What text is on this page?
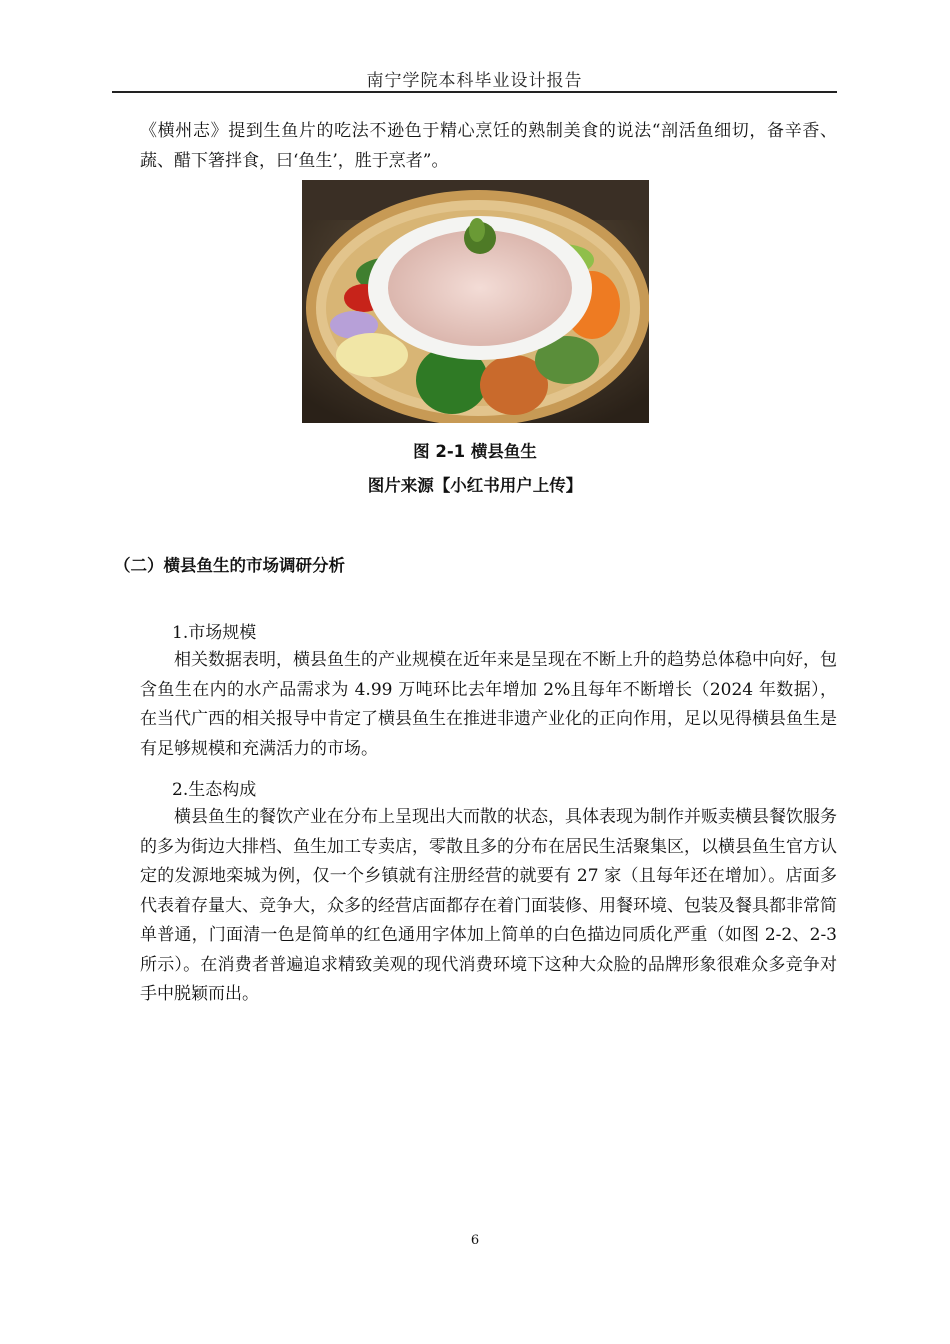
南宁学院本科毕业设计报告

《横州志》提到生鱼片的吃法不逊色于精心烹饪的熟制美食的说法“剖活鱼细切，备辛香、蔬、醋下箸拌食，曰‘鱼生’，胜于烹者”。

图 2-1 横县鱼生
图片来源【小红书用户上传】
（二）横县鱼生的市场调研分析
1.市场规模

相关数据表明，横县鱼生的产业规模在近年来是呈现在不断上升的趋势总体稳中向好，包含鱼生在内的水产品需求为 4.99 万吨环比去年增加 2%且每年不断增长（2024 年数据），在当代广西的相关报导中肯定了横县鱼生在推进非遗产业化的正向作用，足以见得横县鱼生是有足够规模和充满活力的市场。

2.生态构成

横县鱼生的餐饮产业在分布上呈现出大而散的状态，具体表现为制作并贩卖横县餐饮服务的多为街边大排档、鱼生加工专卖店，零散且多的分布在居民生活聚集区，以横县鱼生官方认定的发源地栾城为例，仅一个乡镇就有注册经营的就要有 27 家（且每年还在增加）。店面多代表着存量大、竞争大，众多的经营店面都存在着门面装修、用餐环境、包装及餐具都非常简单普通，门面清一色是简单的红色通用字体加上简单的白色描边同质化严重（如图 2-2、2-3 所示）。在消费者普遍追求精致美观的现代消费环境下这种大众脸的品牌形象很难众多竞争对手中脱颖而出。

6
